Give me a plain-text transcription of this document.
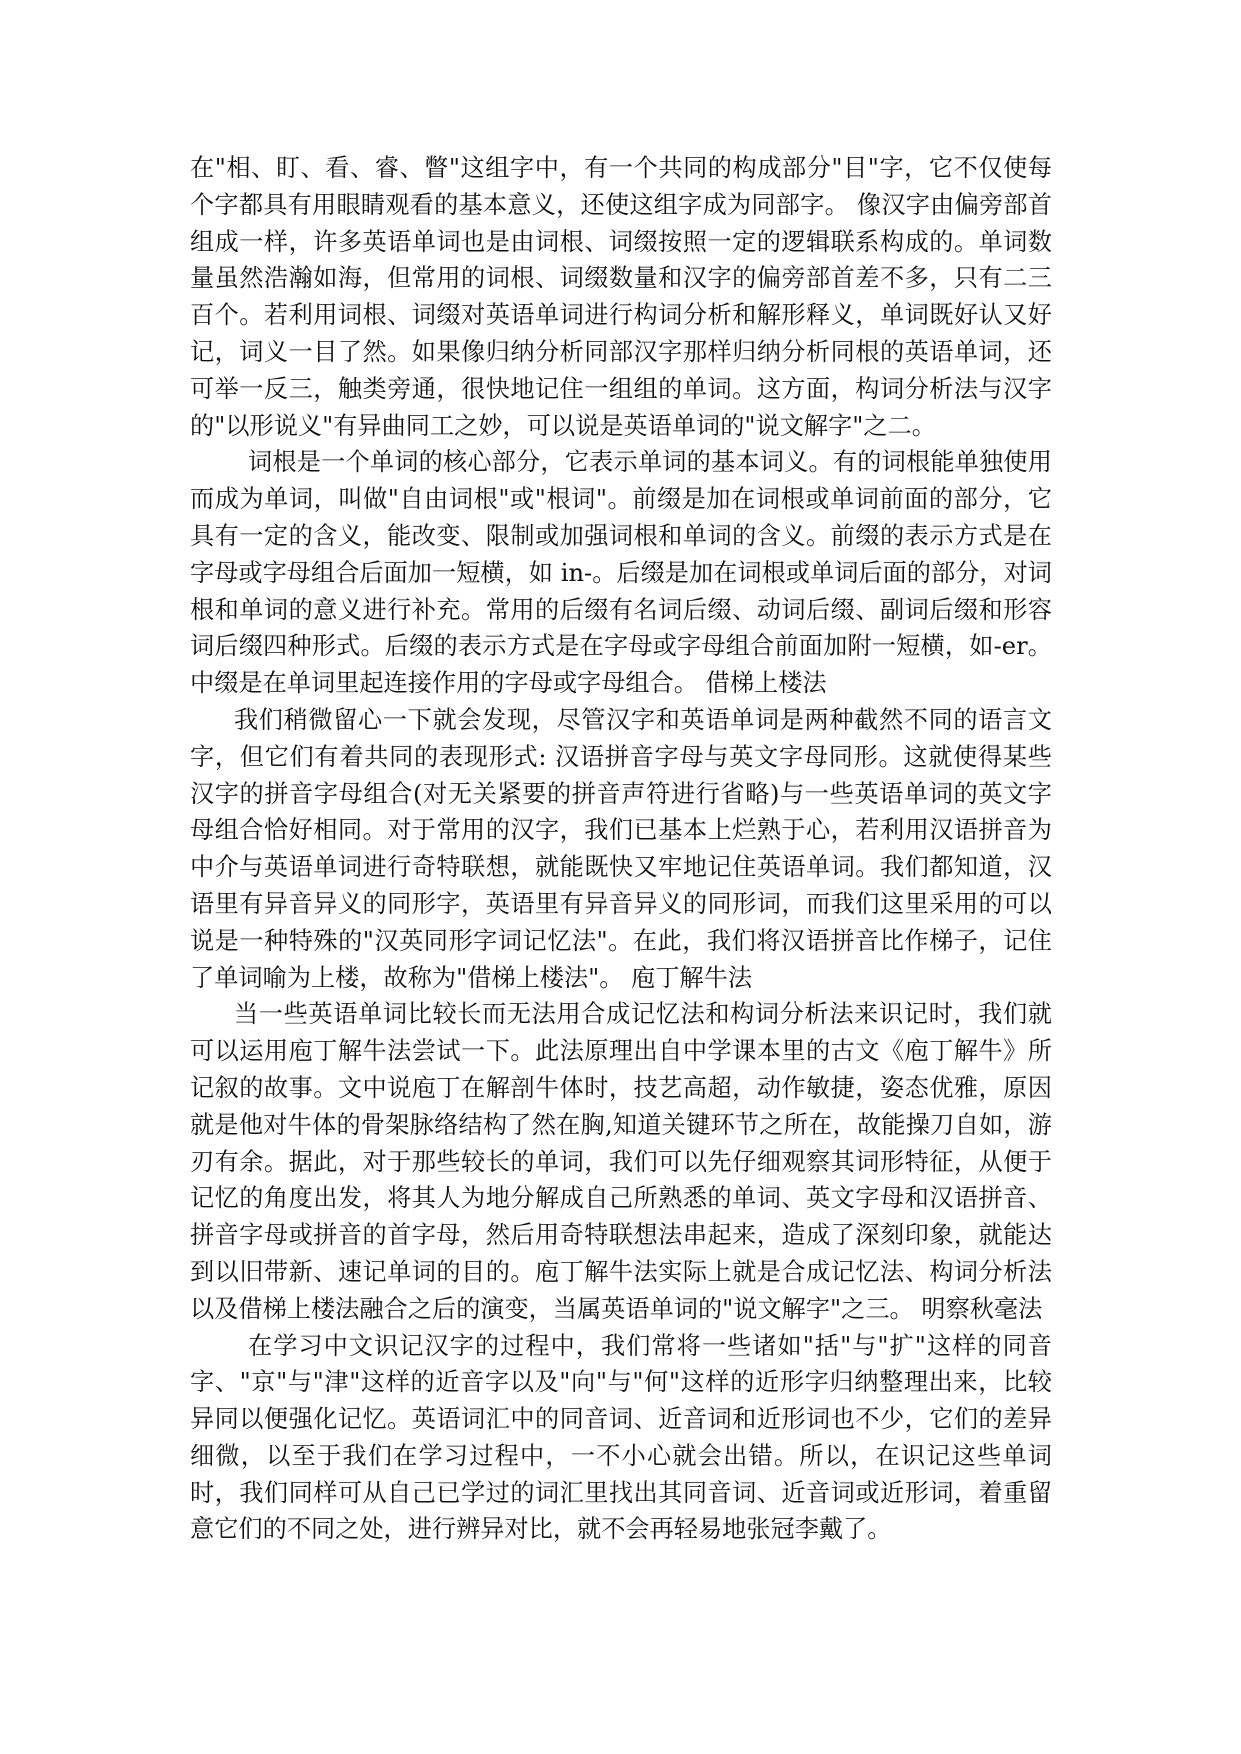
在"相、盯、看、睿、瞥"这组字中，有一个共同的构成部分"目"字，它不仅使每个字都具有用眼睛观看的基本意义，还使这组字成为同部字。 像汉字由偏旁部首组成一样，许多英语单词也是由词根、词缀按照一定的逻辑联系构成的。单词数量虽然浩瀚如海，但常用的词根、词缀数量和汉字的偏旁部首差不多，只有二三百个。若利用词根、词缀对英语单词进行构词分析和解形释义，单词既好认又好记，词义一目了然。如果像归纳分析同部汉字那样归纳分析同根的英语单词，还可举一反三，触类旁通，很快地记住一组组的单词。这方面，构词分析法与汉字的"以形说义"有异曲同工之妙，可以说是英语单词的"说文解字"之二。

词根是一个单词的核心部分，它表示单词的基本词义。有的词根能单独使用而成为单词，叫做"自由词根"或"根词"。前缀是加在词根或单词前面的部分，它具有一定的含义，能改变、限制或加强词根和单词的含义。前缀的表示方式是在字母或字母组合后面加一短横，如 in-。后缀是加在词根或单词后面的部分，对词根和单词的意义进行补充。常用的后缀有名词后缀、动词后缀、副词后缀和形容词后缀四种形式。后缀的表示方式是在字母或字母组合前面加附一短横，如-er。中缀是在单词里起连接作用的字母或字母组合。 借梯上楼法

我们稍微留心一下就会发现，尽管汉字和英语单词是两种截然不同的语言文字，但它们有着共同的表现形式: 汉语拼音字母与英文字母同形。这就使得某些汉字的拼音字母组合(对无关紧要的拼音声符进行省略)与一些英语单词的英文字母组合恰好相同。对于常用的汉字，我们已基本上烂熟于心，若利用汉语拼音为中介与英语单词进行奇特联想，就能既快又牢地记住英语单词。我们都知道，汉语里有异音异义的同形字，英语里有异音异义的同形词，而我们这里采用的可以说是一种特殊的"汉英同形字词记忆法"。在此，我们将汉语拼音比作梯子，记住了单词喻为上楼，故称为"借梯上楼法"。 庖丁解牛法

当一些英语单词比较长而无法用合成记忆法和构词分析法来识记时，我们就可以运用庖丁解牛法尝试一下。此法原理出自中学课本里的古文《庖丁解牛》所记叙的故事。文中说庖丁在解剖牛体时，技艺高超，动作敏捷，姿态优雅，原因就是他对牛体的骨架脉络结构了然在胸,知道关键环节之所在，故能操刀自如，游刃有余。据此，对于那些较长的单词，我们可以先仔细观察其词形特征，从便于记忆的角度出发，将其人为地分解成自己所熟悉的单词、英文字母和汉语拼音、拼音字母或拼音的首字母，然后用奇特联想法串起来，造成了深刻印象，就能达到以旧带新、速记单词的目的。庖丁解牛法实际上就是合成记忆法、构词分析法以及借梯上楼法融合之后的演变，当属英语单词的"说文解字"之三。 明察秋毫法

在学习中文识记汉字的过程中，我们常将一些诸如"括"与"扩"这样的同音字、"京"与"津"这样的近音字以及"向"与"何"这样的近形字归纳整理出来，比较异同以便强化记忆。英语词汇中的同音词、近音词和近形词也不少，它们的差异细微，以至于我们在学习过程中，一不小心就会出错。所以，在识记这些单词时，我们同样可从自己已学过的词汇里找出其同音词、近音词或近形词，着重留意它们的不同之处，进行辨异对比，就不会再轻易地张冠李戴了。
